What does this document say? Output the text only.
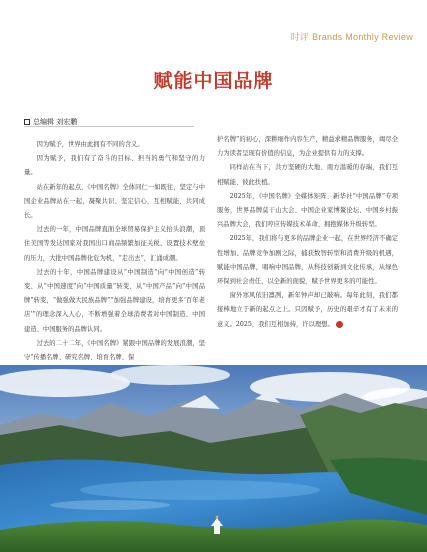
时评 Brands Monthly Review
赋能中国品牌
总编辑 刘宏鹏

因为赋予，世界由此拥有不同的含义。

因为赋予，我们有了奋斗的目标、担当的勇气和坚守的力量。

站在新年的起点，《中国名牌》全体同仁一如既往，坚定与中国企业品牌站在一起，凝聚共识、坚定信心，互相赋能、共同成长。

过去的一年，中国品牌直面全球贸易保护主义抬头浪潮，顶住美国等发达国家对我国出口商品频繁加征关税、设置技术壁垒的压力，大批中国品牌化危为机，“走出去”，汇涌成潮。

过去的十年，中国品牌建设从“中国制造”向“中国创造”转变、从“中国速度”向“中国质量”转变、从“中国产品”向“中国品牌”转变，“做强做大民族品牌”“加强品牌建设，培育更多‘百年老店’”的理念深入人心，不断增强着全球消费者对中国制造、中国建造、中国服务的品牌认同。

过去的二十二年，《中国名牌》紧跟中国品牌的发展浪潮，坚守“传播名牌、研究名牌、培育名牌、保

护名牌”的初心，深耕细作内容生产，精益求精品牌服务，竭尽全力为读者呈现有价值的信息，为企业提供有力的支撑。

同样站在当下，共方坚硬的大地、南方温暖的春瑞，我们互相赋能、彼此扶植。

2025年，《中国名牌》全媒体矩阵、新华社“中国品牌”专项服务，世界品牌莫干山大会、中国企业家博鳌论坛、中国乡村振兴品牌大会，我们哼应传媒技术革命、拥抱媒体升级转型。

2025年，我们将与更多的品牌企业一起，在世界经济不确定性增加、品牌竞争加剧之际，捕获数智转型和消费升级的机遇，赋能中国品牌，唱响中国品牌，从科技创新到文化传承，从绿色环保到社会责任，以全新的面貌，赋予世界更多的可能性。

窗外寒风依旧凛冽，新年钟声却已敲响。每年此刻，我们都接棒地立于新的起点之上。只因赋予，历史的艰辛才有了未来的意义。2025，我们互相加持，许以理想。
